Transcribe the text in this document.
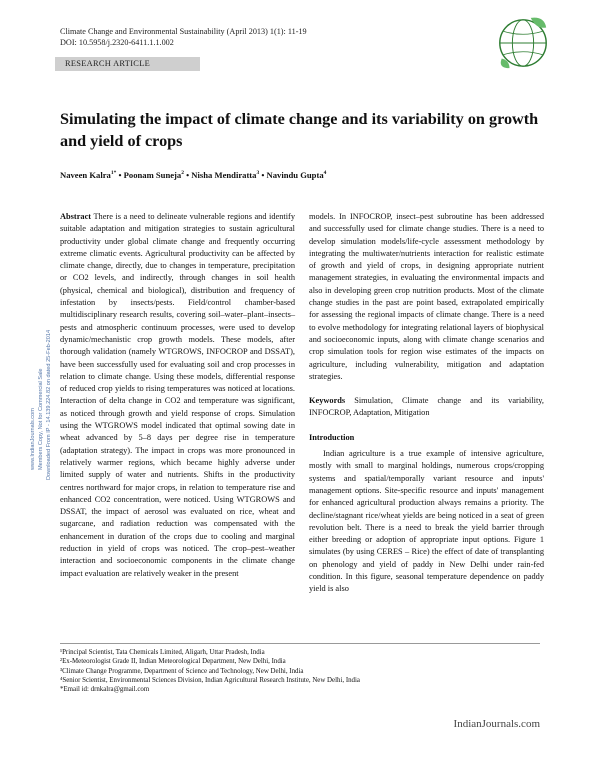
Climate Change and Environmental Sustainability (April 2013) 1(1): 11-19
DOI: 10.5958/j.2320-6411.1.1.002
RESEARCH ARTICLE
Simulating the impact of climate change and its variability on growth and yield of crops
Naveen Kalra$^{1*}$ • Poonam Suneja$^2$ • Nisha Mendiratta$^3$ • Navindu Gupta$^4$

Abstract There is a need to delineate vulnerable regions and identify suitable adaptation and mitigation strategies to sustain agricultural productivity under global climate change and frequently occurring extreme climatic events. Agricultural productivity can be affected by climate change, directly, due to changes in temperature, precipitation or CO2 levels, and indirectly, through changes in soil health (physical, chemical and biological), distribution and frequency of infestation by insects/pests. Field/control chamber-based multidisciplinary research results, covering soil–water–plant–insects–pests and atmospheric continuum processes, were used to develop dynamic/mechanistic crop growth models. These models, after thorough validation (namely WTGROWS, INFOCROP and DSSAT), have been successfully used for evaluating soil and crop processes in relation to climate change. Using these models, differential response of reduced crop yields to rising temperatures was noticed at locations. Interaction of delta change in CO2 and temperature was significant, as noticed through growth and yield response of crops. Simulation using the WTGROWS model indicated that optimal sowing date in wheat advanced by 5–8 days per degree rise in temperature (adaptation strategy). The impact in crops was more pronounced in relatively warmer regions, which became highly adverse under limited supply of water and nutrients. Shifts in the productivity centres northward for major crops, in relation to temperature rise and enhanced CO2 concentration, were noticed. Using WTGROWS and DSSAT, the impact of aerosol was evaluated on rice, wheat and sugarcane, and radiation reduction was compensated with the enhancement in duration of the crops due to cooling and marginal reduction in yield of crops was noticed. The crop–pest–weather interaction and socioeconomic components in the climate change impact evaluation are relatively weaker in the present

models. In INFOCROP, insect–pest subroutine has been addressed and successfully used for climate change studies. There is a need to develop simulation models/life-cycle assessment methodology by integrating the multiwater/nutrients interaction for realistic estimate of growth and yield of crops, in designing appropriate nutrient management strategies, in evaluating the environmental impacts and also in developing green crop nutrition products. Most of the climate change studies in the past are point based, extrapolated empirically for assessing the regional impacts of climate change. There is a need to evolve methodology for integrating relational layers of biophysical and socioeconomic inputs, along with climate change scenarios and crop simulation tools for region wise estimates of the impacts on agriculture, including vulnerability, mitigation and adaptation strategies.

Keywords Simulation, Climate change and its variability, INFOCROP, Adaptation, Mitigation

Introduction

Indian agriculture is a true example of intensive agriculture, mostly with small to marginal holdings, numerous crops/cropping systems and spatial/temporally variant resource and inputs' management options. Site-specific resource and inputs' management for enhanced agricultural production always remains a priority. The decline/stagnant rice/wheat yields are being noticed in a seat of green revolution belt. There is a need to break the yield barrier through either breeding or adoption of appropriate input options. Figure 1 simulates (by using CERES – Rice) the effect of date of transplanting on phenology and yield of paddy in New Delhi under rain-fed condition. In this figure, seasonal temperature dependence on paddy yield is also

www.IndianJournals.com Members Copy, Not for Commercial Sale Downloaded From IP - 14.139.224.82 on dated 25-Feb-2014
¹Principal Scientist, Tata Chemicals Limited, Aligarh, Uttar Pradesh, India
²Ex-Meteorologist Grade II, Indian Meteorological Department, New Delhi, India
³Climate Change Programme, Department of Science and Technology, New Delhi, India
⁴Senior Scientist, Environmental Sciences Division, Indian Agricultural Research Institute, New Delhi, India
*Email id: drnkalra@gmail.com
IndianJournals.com
